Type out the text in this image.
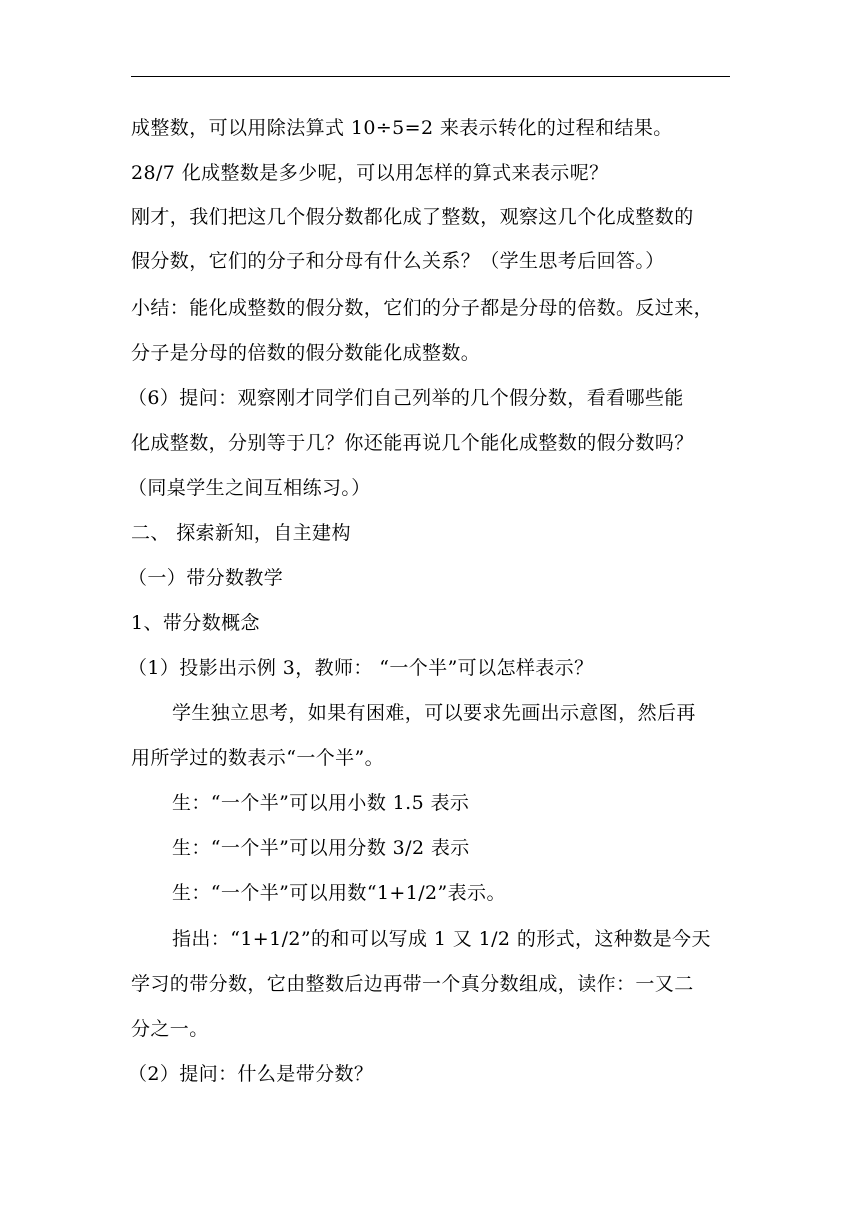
成整数，可以用除法算式 10÷5=2 来表示转化的过程和结果。
28/7 化成整数是多少呢，可以用怎样的算式来表示呢？
刚才，我们把这几个假分数都化成了整数，观察这几个化成整数的
假分数，它们的分子和分母有什么关系？（学生思考后回答。）
小结：能化成整数的假分数，它们的分子都是分母的倍数。反过来，
分子是分母的倍数的假分数能化成整数。
（6）提问：观察刚才同学们自己列举的几个假分数，看看哪些能
化成整数，分别等于几？你还能再说几个能化成整数的假分数吗？
（同桌学生之间互相练习。）
二、 探索新知，自主建构
（一）带分数教学
1、带分数概念
（1）投影出示例 3，教师： “一个半”可以怎样表示？
学生独立思考，如果有困难，可以要求先画出示意图，然后再
用所学过的数表示“一个半”。
生：“一个半”可以用小数 1.5 表示
生：“一个半”可以用分数 3/2 表示
生：“一个半”可以用数“1+1/2”表示。
指出：“1+1/2”的和可以写成 1 又 1/2 的形式，这种数是今天
学习的带分数，它由整数后边再带一个真分数组成，读作：一又二
分之一。
（2）提问：什么是带分数？
